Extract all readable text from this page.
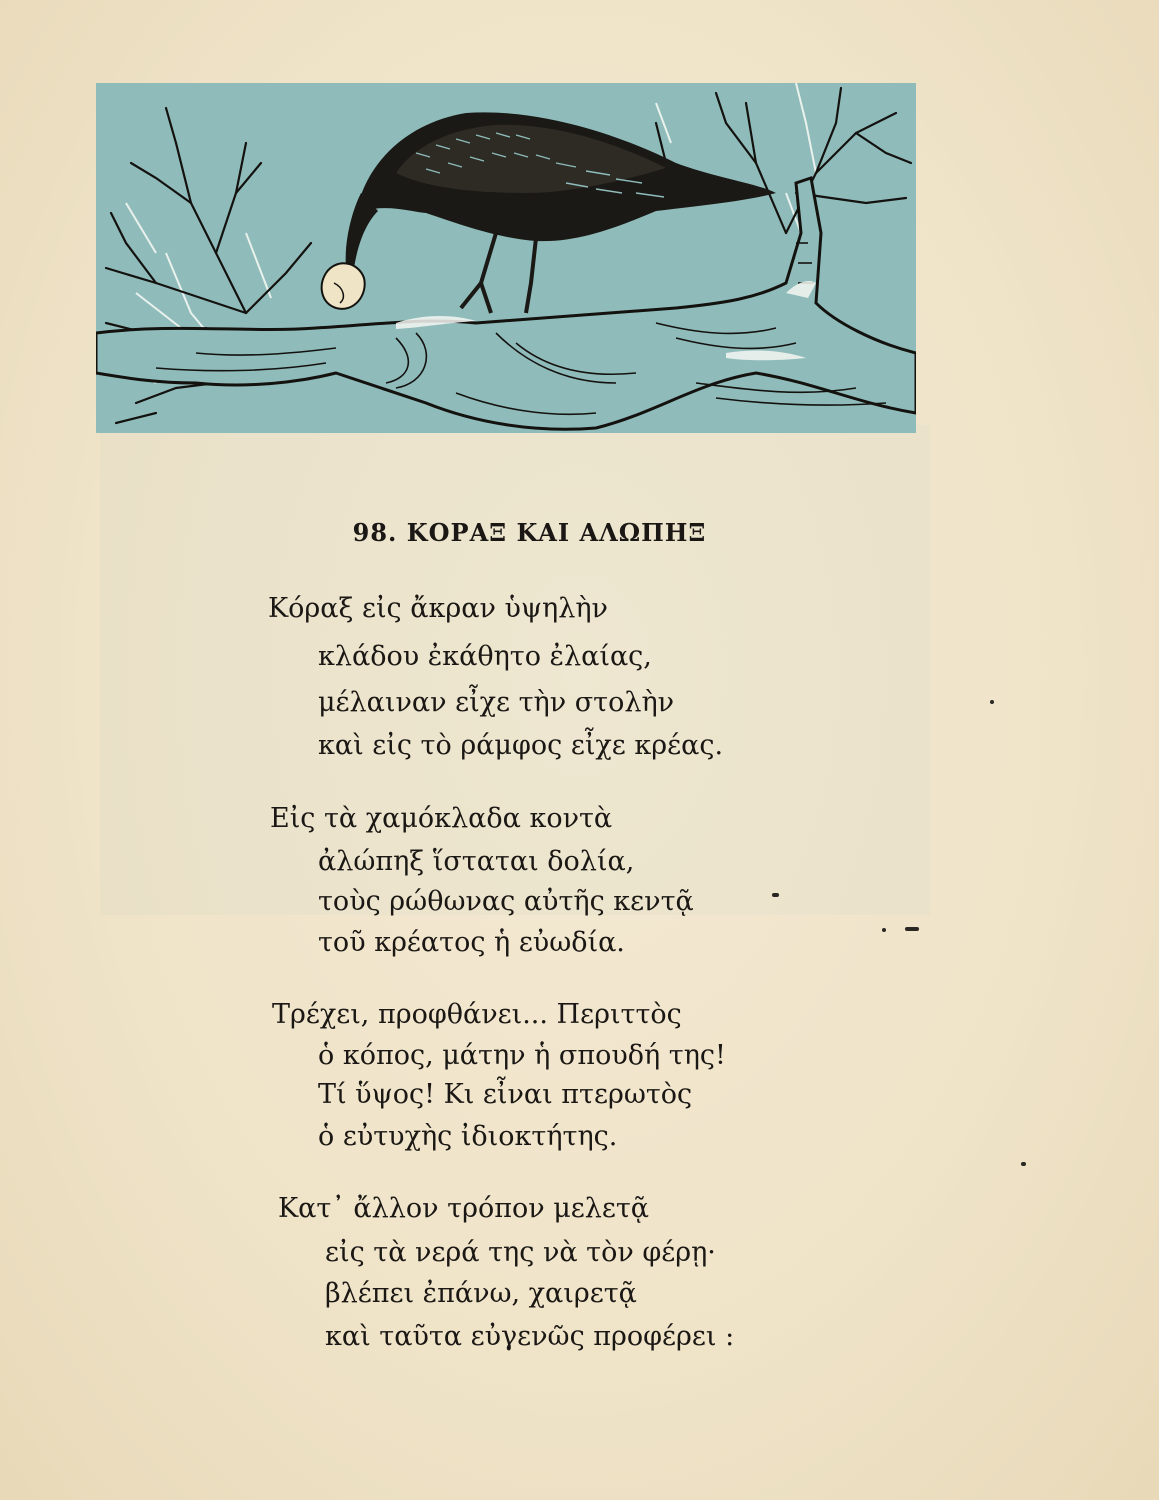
98. ΚΟΡΑΞ ΚΑΙ ΑΛΩΠΗΞ
Κόραξ εἰς ἄκραν ὑψηλὴν
κλάδου ἐκάθητο ἐλαίας,
μέλαιναν εἶχε τὴν στολὴν
καὶ εἰς τὸ ράμφος εἶχε κρέας.
Εἰς τὰ χαμόκλαδα κοντὰ
ἀλώπηξ ἵσταται δολία,
τοὺς ρώθωνας αὐτῆς κεντᾷ
τοῦ κρέατος ἡ εὐωδία.
Τρέχει, προφθάνει... Περιττὸς
ὁ κόπος, μάτην ἡ σπουδή της!
Τί ὕψος! Κι εἶναι πτερωτὸς
ὁ εὐτυχὴς ἰδιοκτήτης.
Κατ᾽ ἄλλον τρόπον μελετᾷ
εἰς τὰ νερά της νὰ τὸν φέρῃ·
βλέπει ἐπάνω, χαιρετᾷ
καὶ ταῦτα εὐγενῶς προφέρει :
